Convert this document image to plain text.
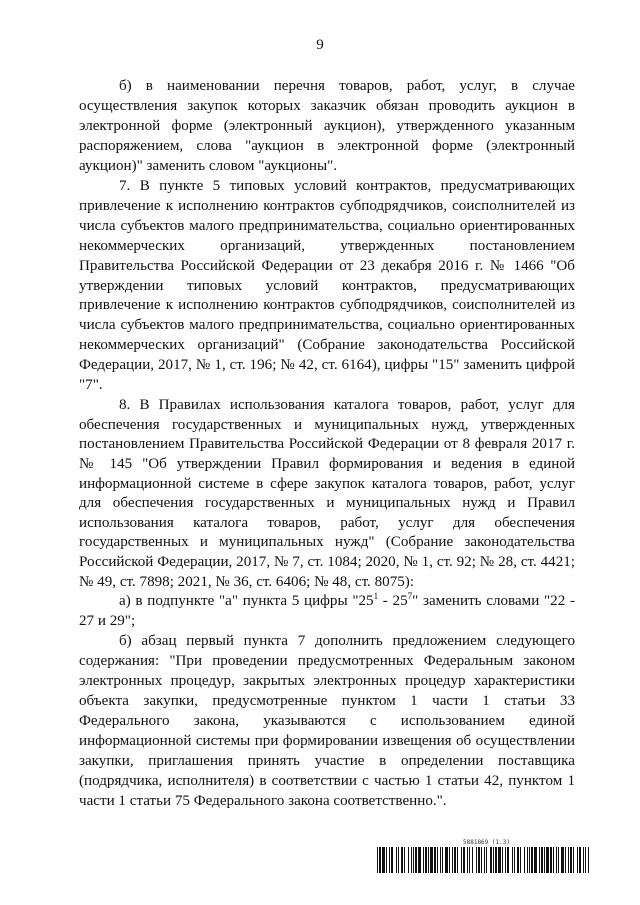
9

б) в наименовании перечня товаров, работ, услуг, в случае осуществления закупок которых заказчик обязан проводить аукцион в электронной форме (электронный аукцион), утвержденного указанным распоряжением, слова "аукцион в электронной форме (электронный аукцион)" заменить словом "аукционы".

7. В пункте 5 типовых условий контрактов, предусматривающих привлечение к исполнению контрактов субподрядчиков, соисполнителей из числа субъектов малого предпринимательства, социально ориентированных некоммерческих организаций, утвержденных постановлением Правительства Российской Федерации от 23 декабря 2016 г. № 1466 "Об утверждении типовых условий контрактов, предусматривающих привлечение к исполнению контрактов субподрядчиков, соисполнителей из числа субъектов малого предпринимательства, социально ориентированных некоммерческих организаций" (Собрание законодательства Российской Федерации, 2017, № 1, ст. 196; № 42, ст. 6164), цифры "15" заменить цифрой "7".

8. В Правилах использования каталога товаров, работ, услуг для обеспечения государственных и муниципальных нужд, утвержденных постановлением Правительства Российской Федерации от 8 февраля 2017 г. № 145 "Об утверждении Правил формирования и ведения в единой информационной системе в сфере закупок каталога товаров, работ, услуг для обеспечения государственных и муниципальных нужд и Правил использования каталога товаров, работ, услуг для обеспечения государственных и муниципальных нужд" (Собрание законодательства Российской Федерации, 2017, № 7, ст. 1084; 2020, № 1, ст. 92; № 28, ст. 4421; № 49, ст. 7898; 2021, № 36, ст. 6406; № 48, ст. 8075):

а) в подпункте "а" пункта 5 цифры "$25^1 - 25^7$" заменить словами "22 - 27 и 29";

б) абзац первый пункта 7 дополнить предложением следующего содержания: "При проведении предусмотренных Федеральным законом электронных процедур, закрытых электронных процедур характеристики объекта закупки, предусмотренные пунктом 1 части 1 статьи 33 Федерального закона, указываются с использованием единой информационной системы при формировании извещения об осуществлении закупки, приглашения принять участие в определении поставщика (подрядчика, исполнителя) в соответствии с частью 1 статьи 42, пунктом 1 части 1 статьи 75 Федерального закона соответственно.".

5881869 (1.3)
